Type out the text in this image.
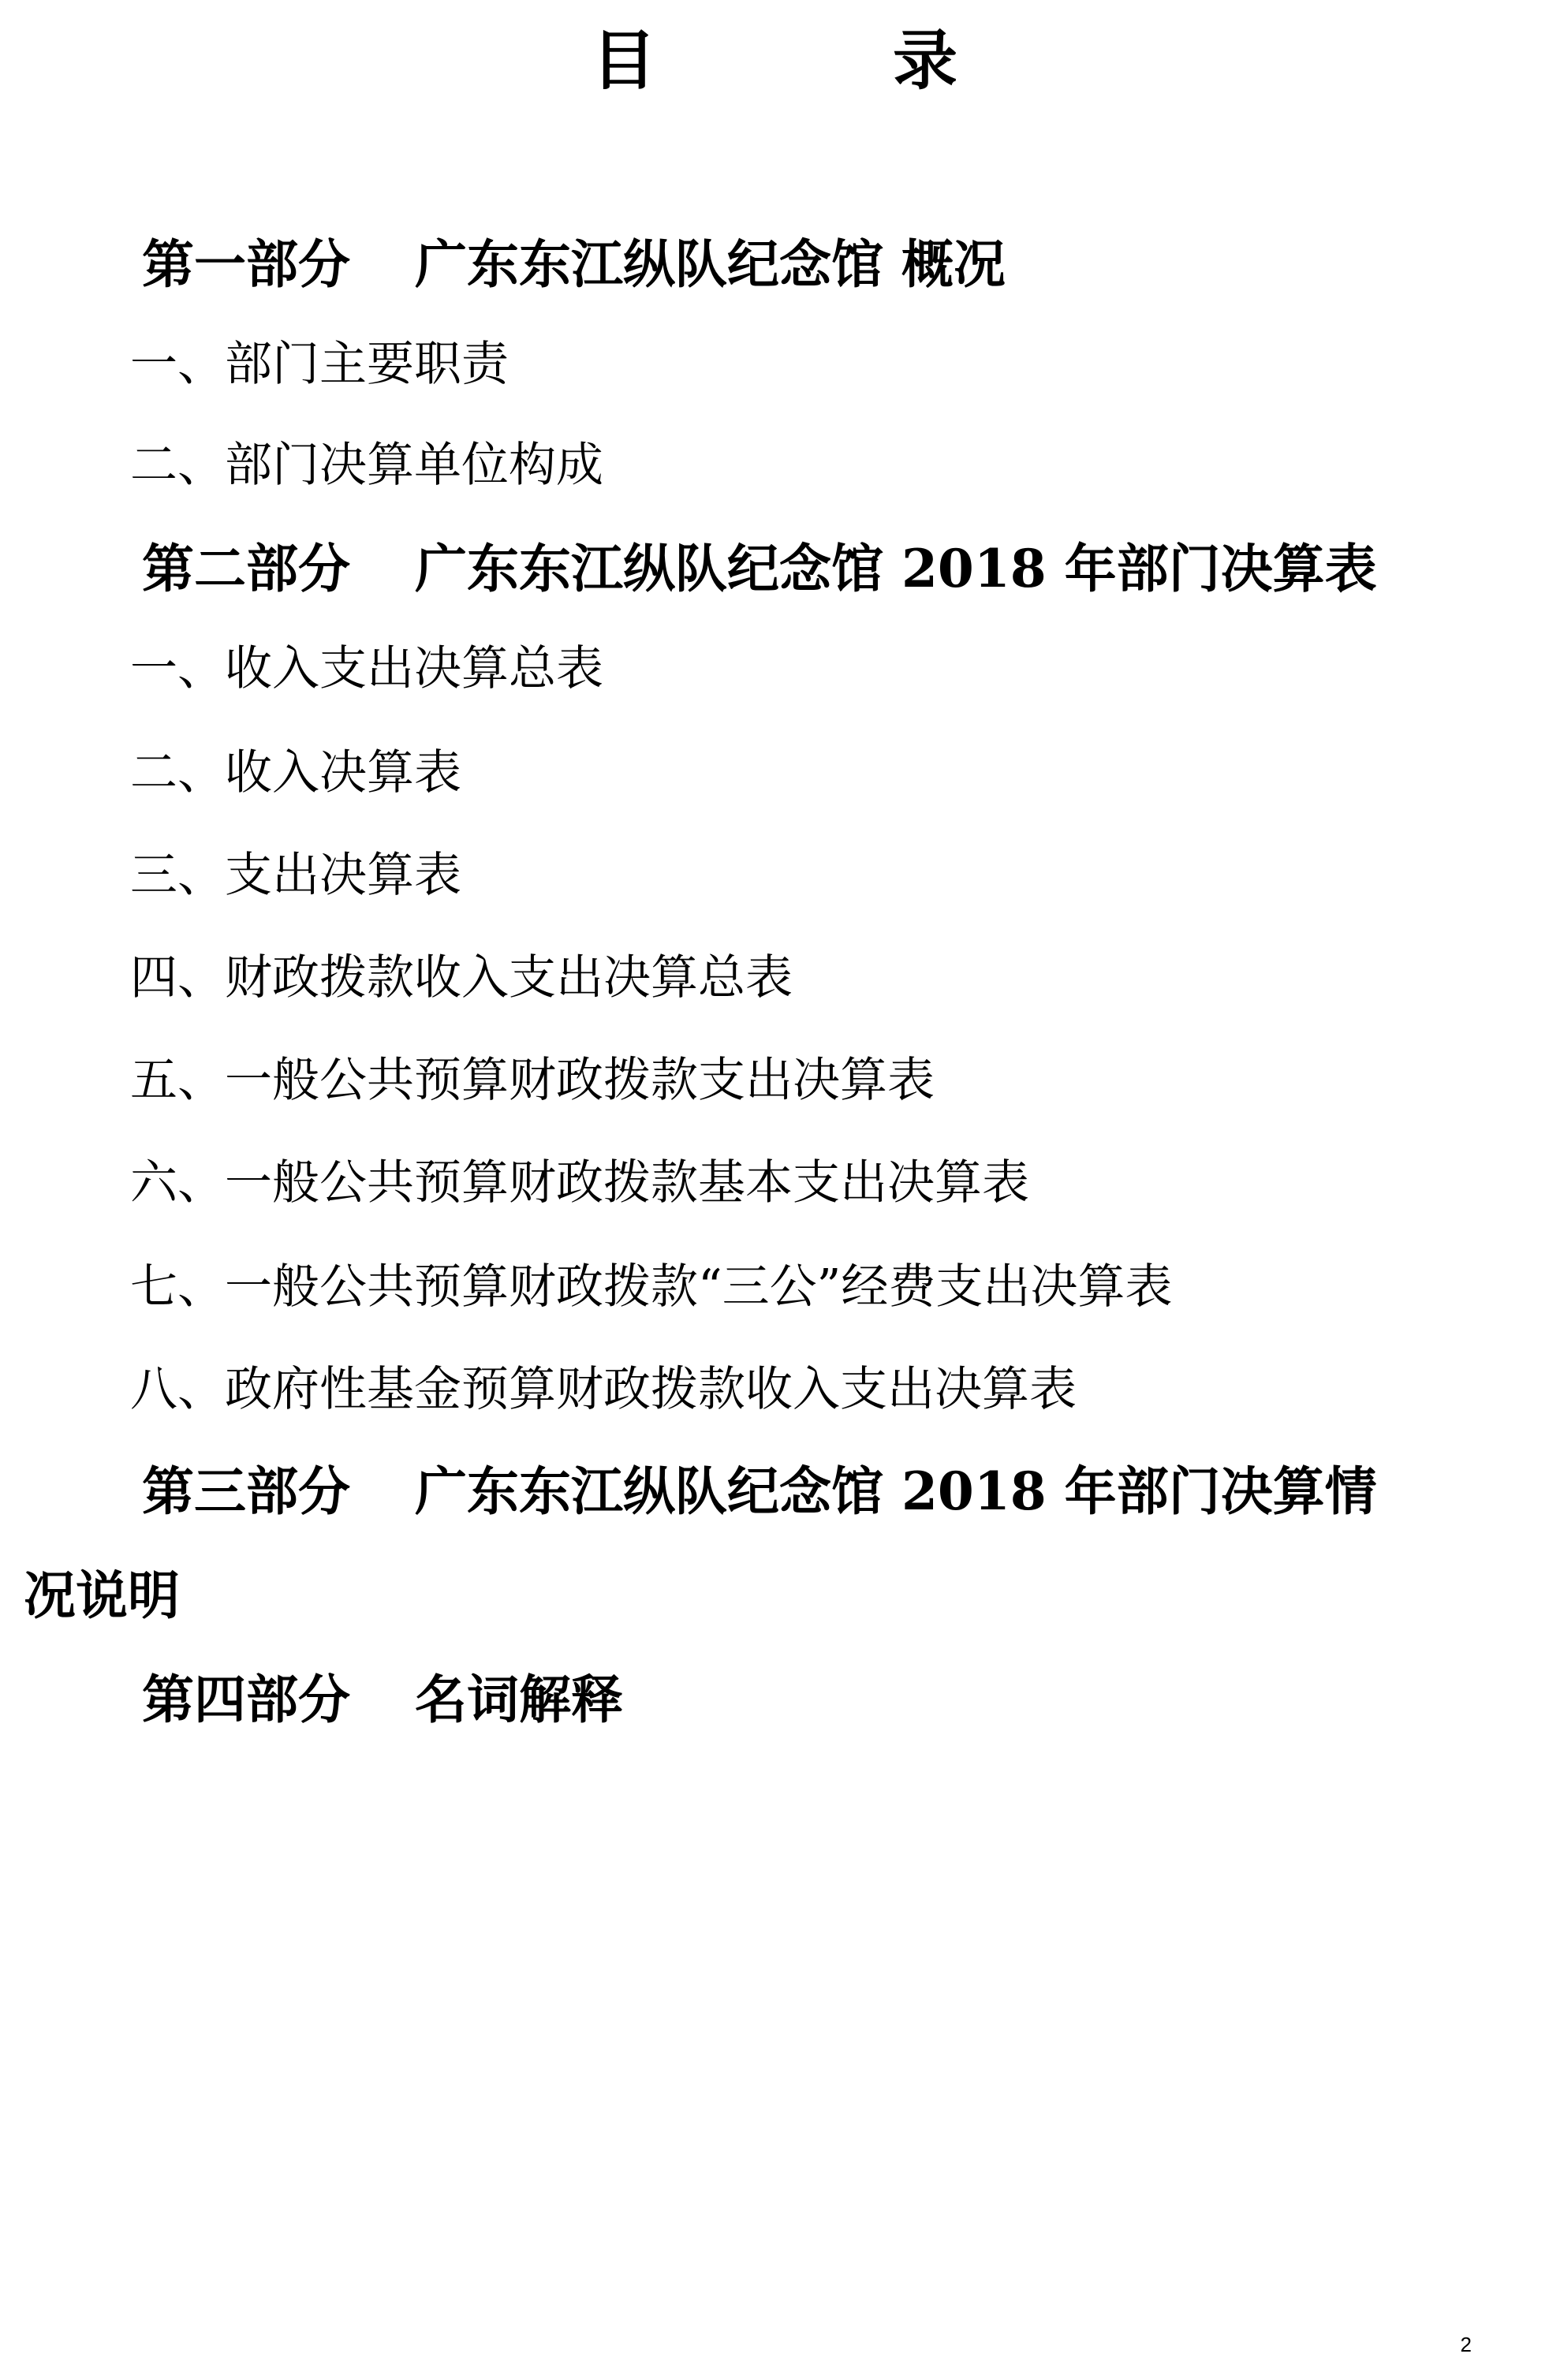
目	录
第一部分 广东东江纵队纪念馆 概况
一、部门主要职责
二、部门决算单位构成
第二部分 广东东江纵队纪念馆 2018 年部门决算表
一、收入支出决算总表
二、收入决算表
三、支出决算表
四、财政拨款收入支出决算总表
五、一般公共预算财政拨款支出决算表
六、一般公共预算财政拨款基本支出决算表
七、一般公共预算财政拨款“三公”经费支出决算表
八、政府性基金预算财政拨款收入支出决算表
第三部分 广东东江纵队纪念馆 2018 年部门决算情
况说明
第四部分 名词解释
2
